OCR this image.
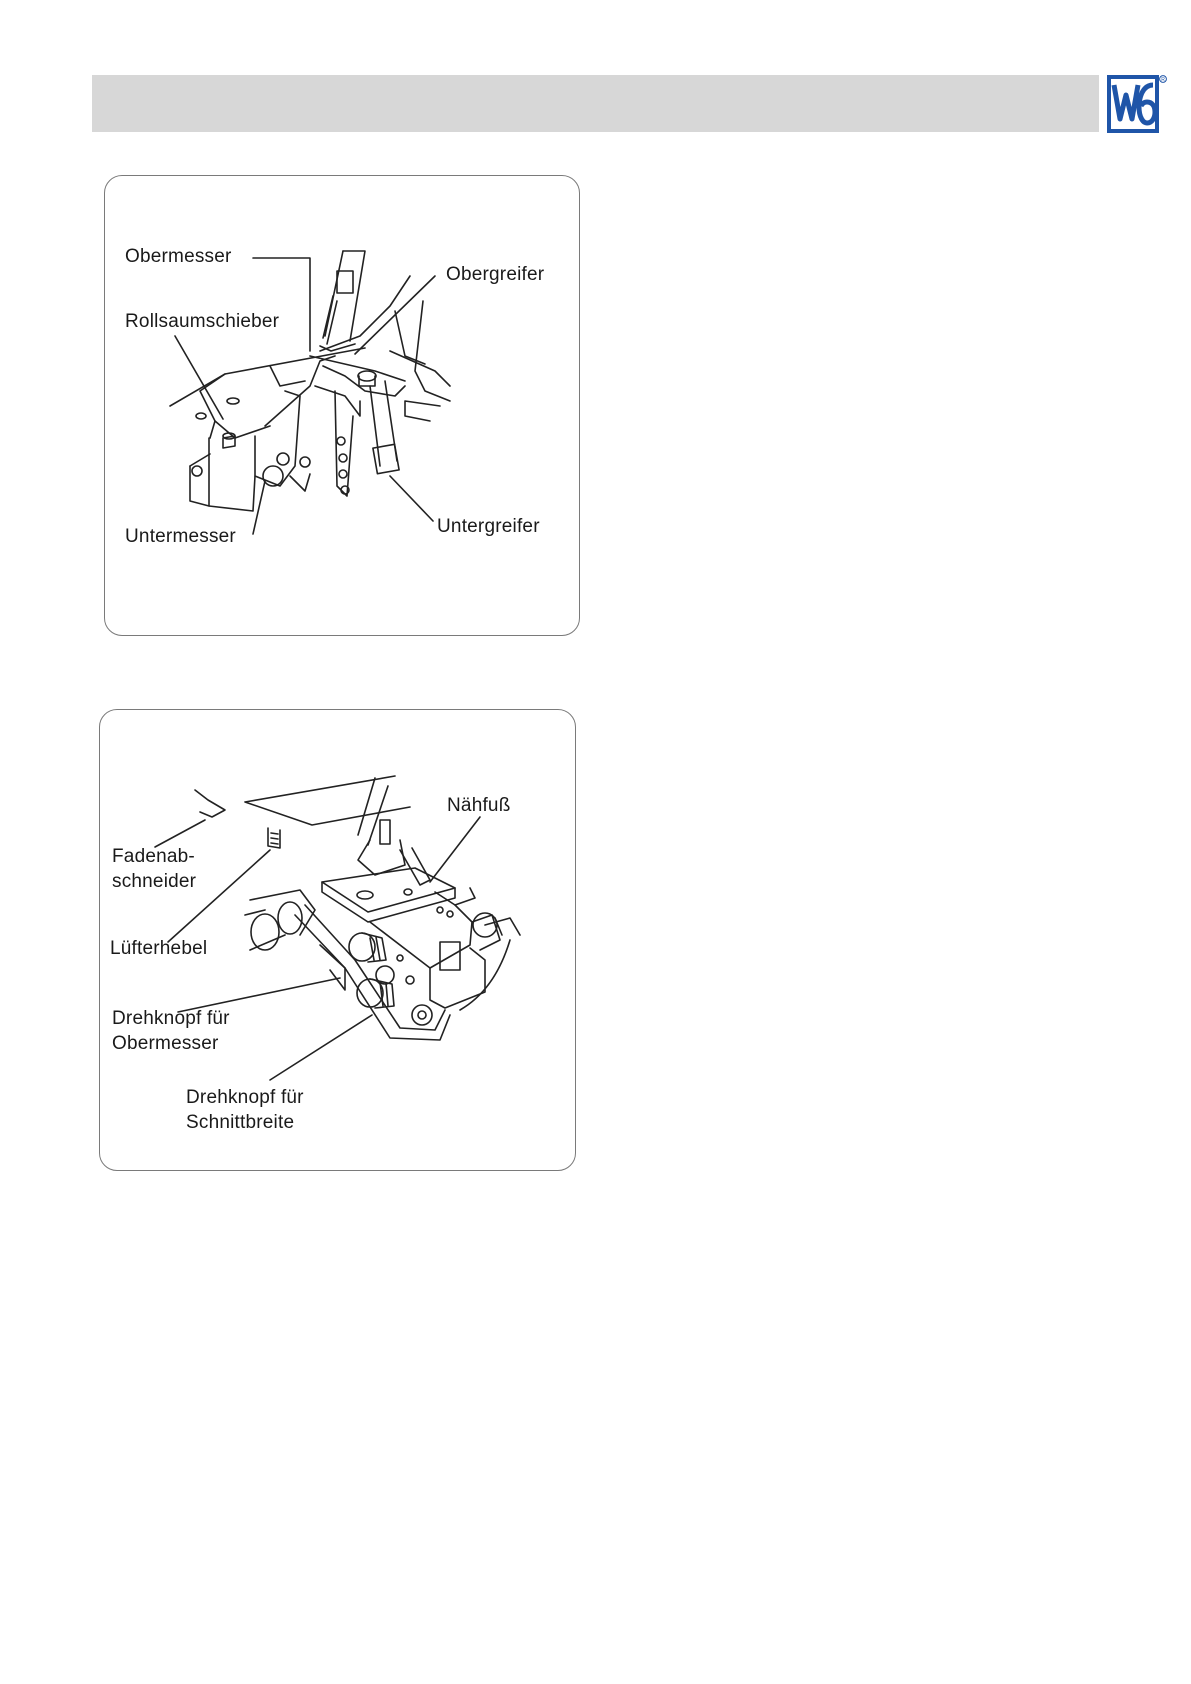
R
Obermesser
Obergreifer
Rollsaumschieber
Untermesser	Untergreifer
Nähfuß
Fadenab-
schneider
Lüfterhebel
Drehknopf für
Obermesser
Drehknopf für
Schnittbreite
